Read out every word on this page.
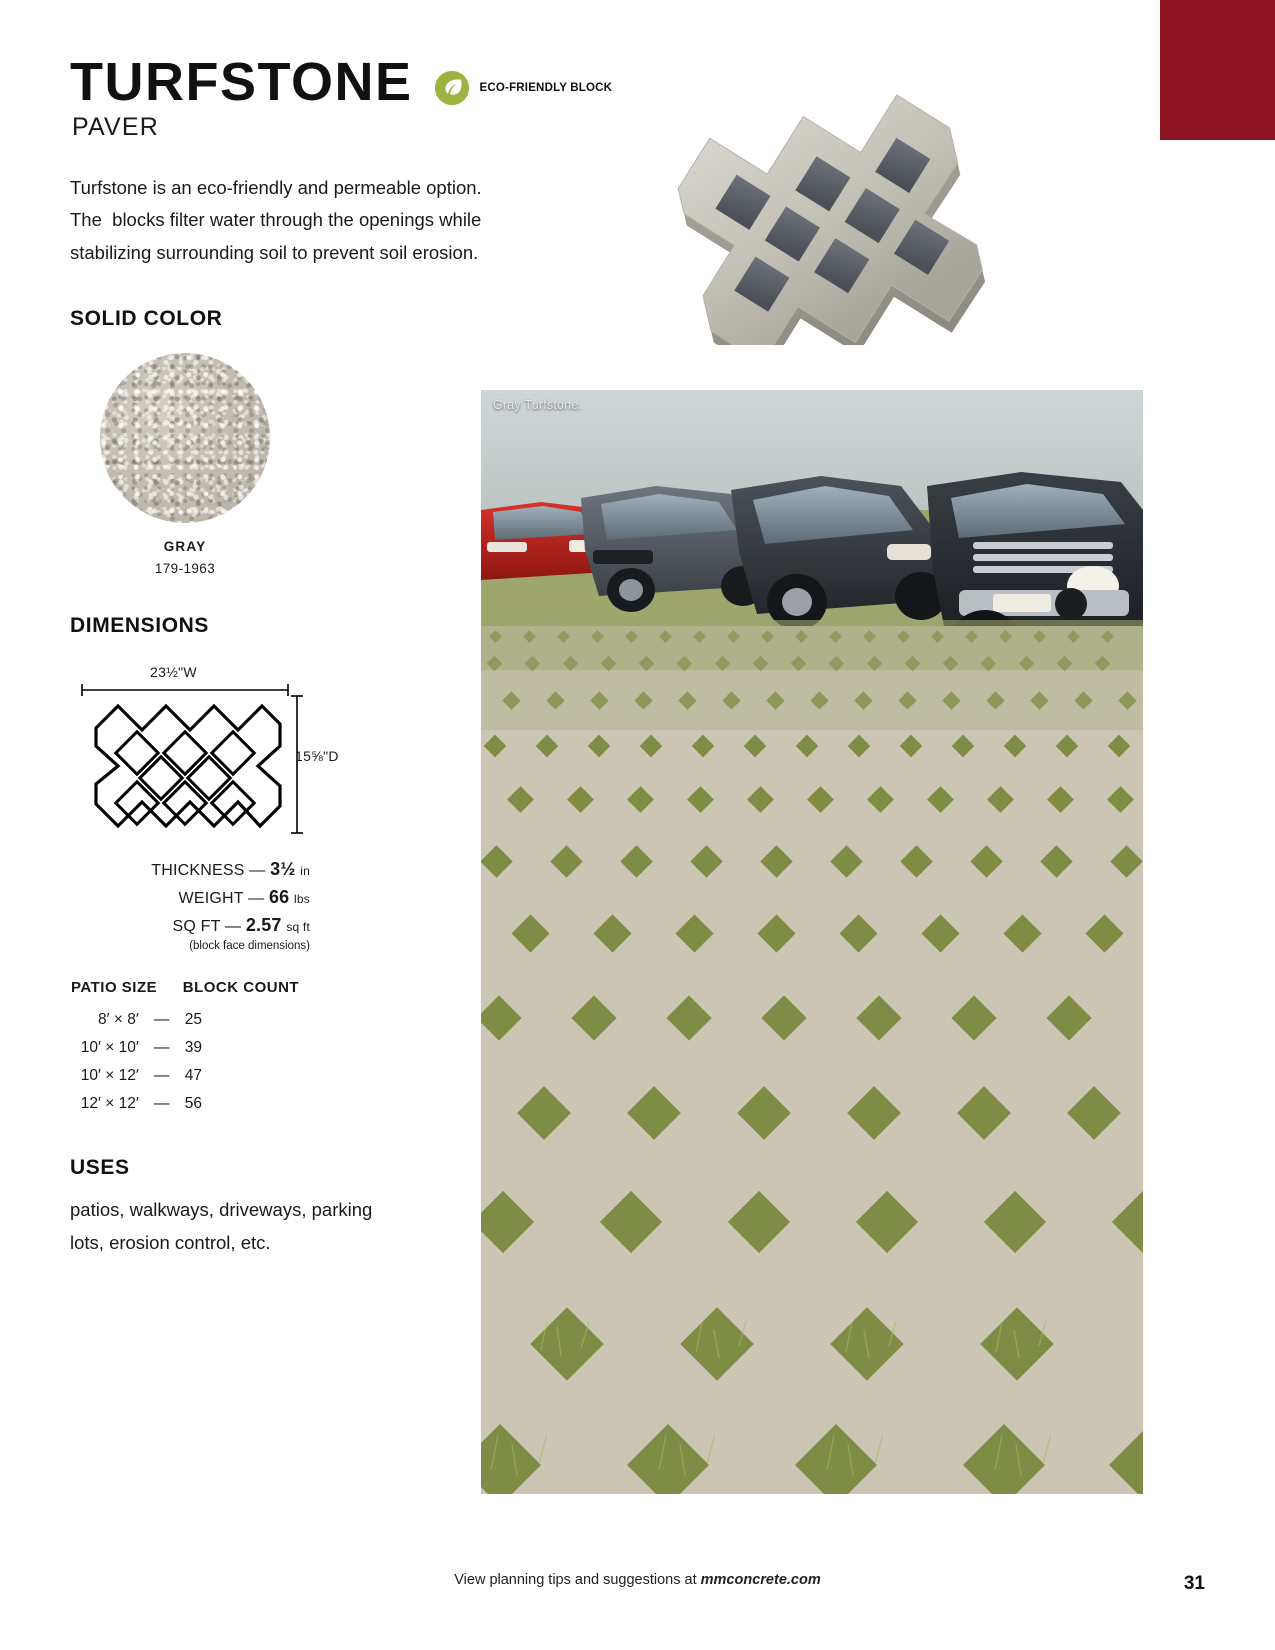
TURFSTONE	ECO-FRIENDLY BLOCK
PAVER

Turfstone is an eco-friendly and permeable option. The  blocks filter water through the openings while stabilizing surrounding soil to prevent soil erosion.

SOLID COLOR
GRAY
179-1963
DIMENSIONS
23½"W
15⅝"D
THICKNESS — 3½ in
WEIGHT — 66 lbs
SQ FT — 2.57 sq ft
(block face dimensions)
PATIO SIZE		BLOCK COUNT
8′ × 8′	—	25
10′ × 10′	—	39
10′ × 12′	—	47
12′ × 12′	—	56
USES

patios, walkways, driveways, parking lots, erosion control, etc.

Gray Turfstone.
View planning tips and suggestions at mmconcrete.com	31
